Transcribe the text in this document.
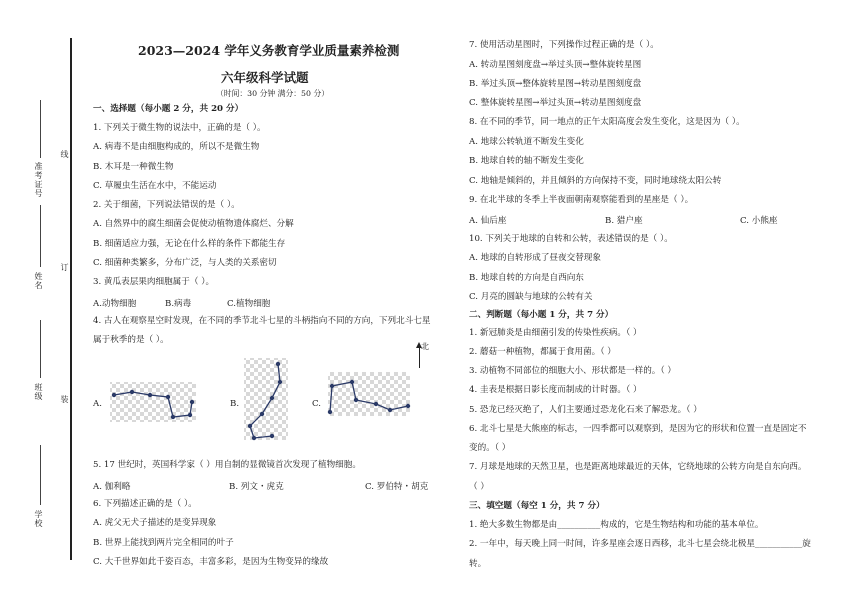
准考证号
线
姓名
订
班级 装
学校
2023—2024 学年义务教育学业质量素养检测
六年级科学试题
（时间：30 分钟 满分：50 分）
一、选择题（每小题 2 分，共 20 分）
1. 下列关于微生物的说法中，正确的是（ ）。
A. 病毒不是由细胞构成的，所以不是微生物
B. 木耳是一种微生物
C. 草履虫生活在水中，不能运动
2. 关于细菌，下列说法错误的是（ ）。
A. 自然界中的腐生细菌会促使动植物遗体腐烂、分解
B. 细菌适应力强，无论在什么样的条件下都能生存
C. 细菌种类繁多，分布广泛，与人类的关系密切
3. 黄瓜表层果肉细胞属于（ ）。
A.动物细胞	B.病毒	C.植物细胞
4. 古人在观察星空时发现，在不同的季节北斗七星的斗柄指向不同的方向，下列北斗七星
属于秋季的是（ ）。
A.	B.	C.
北
5. 17 世纪时，英国科学家（ ）用自制的显微镜首次发现了植物细胞。
A. 伽利略	B. 列文・虎克	C. 罗伯特・胡克
6. 下列描述正确的是（ ）。
A. 虎父无犬子描述的是变异现象
B. 世界上能找到两片完全相同的叶子
C. 大千世界如此千姿百态，丰富多彩，是因为生物变异的缘故
7. 使用活动星图时，下列操作过程正确的是（ ）。
A. 转动星图刻度盘→举过头顶→整体旋转星图
B. 举过头顶→整体旋转星图→转动星图刻度盘
C. 整体旋转星图→举过头顶→转动星图刻度盘
8. 在不同的季节，同一地点的正午太阳高度会发生变化，这是因为（ ）。
A. 地球公转轨道不断发生变化
B. 地球自转的轴不断发生变化
C. 地轴是倾斜的，并且倾斜的方向保持不变，同时地球绕太阳公转
9. 在北半球的冬季上半夜面朝南观察能看到的星座是（ ）。
A. 仙后座	B. 猎户座	C. 小熊座
10. 下列关于地球的自转和公转，表述错误的是（ ）。
A. 地球的自转形成了昼夜交替现象
B. 地球自转的方向是自西向东
C. 月亮的圆缺与地球的公转有关
二、判断题（每小题 1 分，共 7 分）
1. 新冠肺炎是由细菌引发的传染性疾病。（ ）
2. 蘑菇一种植物，都属于食用菌。（ ）
3. 动植物不同部位的细胞大小、形状都是一样的。（ ）
4. 圭表是根据日影长度而制成的计时器。（ ）
5. 恐龙已经灭绝了，人们主要通过恐龙化石来了解恐龙。（ ）
6. 北斗七星是大熊座的标志，一四季都可以观察到，是因为它的形状和位置一直是固定不
变的。（ ）
7. 月球是地球的天然卫星，也是距离地球最近的天体，它绕地球的公转方向是自东向西。
（ ）
三、填空题（每空 1 分，共 7 分）
1. 绝大多数生物都是由__________构成的，它是生物结构和功能的基本单位。
2. 一年中，每天晚上同一时间，许多星座会逐日西移，北斗七星会绕北极星___________旋
转。
